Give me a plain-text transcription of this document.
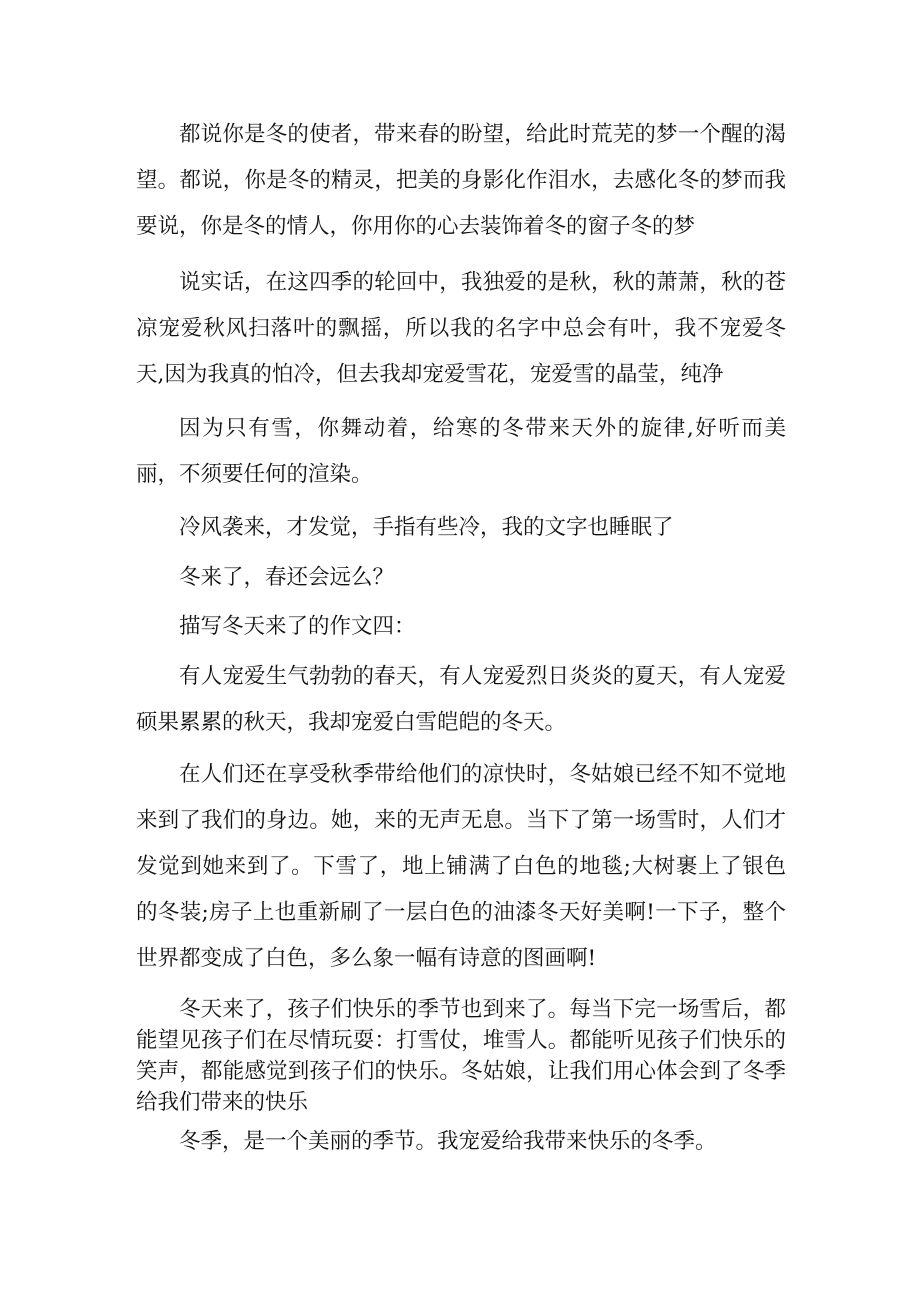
都说你是冬的使者，带来春的盼望，给此时荒芜的梦一个醒的渴望。都说，你是冬的精灵，把美的身影化作泪水，去感化冬的梦而我要说，你是冬的情人，你用你的心去装饰着冬的窗子冬的梦

说实话，在这四季的轮回中，我独爱的是秋，秋的萧萧，秋的苍凉宠爱秋风扫落叶的飘摇，所以我的名字中总会有叶，我不宠爱冬天,因为我真的怕冷，但去我却宠爱雪花，宠爱雪的晶莹，纯净

因为只有雪，你舞动着，给寒的冬带来天外的旋律,好听而美丽，不须要任何的渲染。

冷风袭来，才发觉，手指有些冷，我的文字也睡眠了

冬来了，春还会远么？

描写冬天来了的作文四：

有人宠爱生气勃勃的春天，有人宠爱烈日炎炎的夏天，有人宠爱硕果累累的秋天，我却宠爱白雪皑皑的冬天。

在人们还在享受秋季带给他们的凉快时，冬姑娘已经不知不觉地来到了我们的身边。她，来的无声无息。当下了第一场雪时，人们才发觉到她来到了。下雪了，地上铺满了白色的地毯;大树裹上了银色的冬装;房子上也重新刷了一层白色的油漆冬天好美啊!一下子，整个世界都变成了白色，多么象一幅有诗意的图画啊!

冬天来了，孩子们快乐的季节也到来了。每当下完一场雪后，都能望见孩子们在尽情玩耍：打雪仗，堆雪人。都能听见孩子们快乐的笑声，都能感觉到孩子们的快乐。冬姑娘，让我们用心体会到了冬季给我们带来的快乐

冬季，是一个美丽的季节。我宠爱给我带来快乐的冬季。
